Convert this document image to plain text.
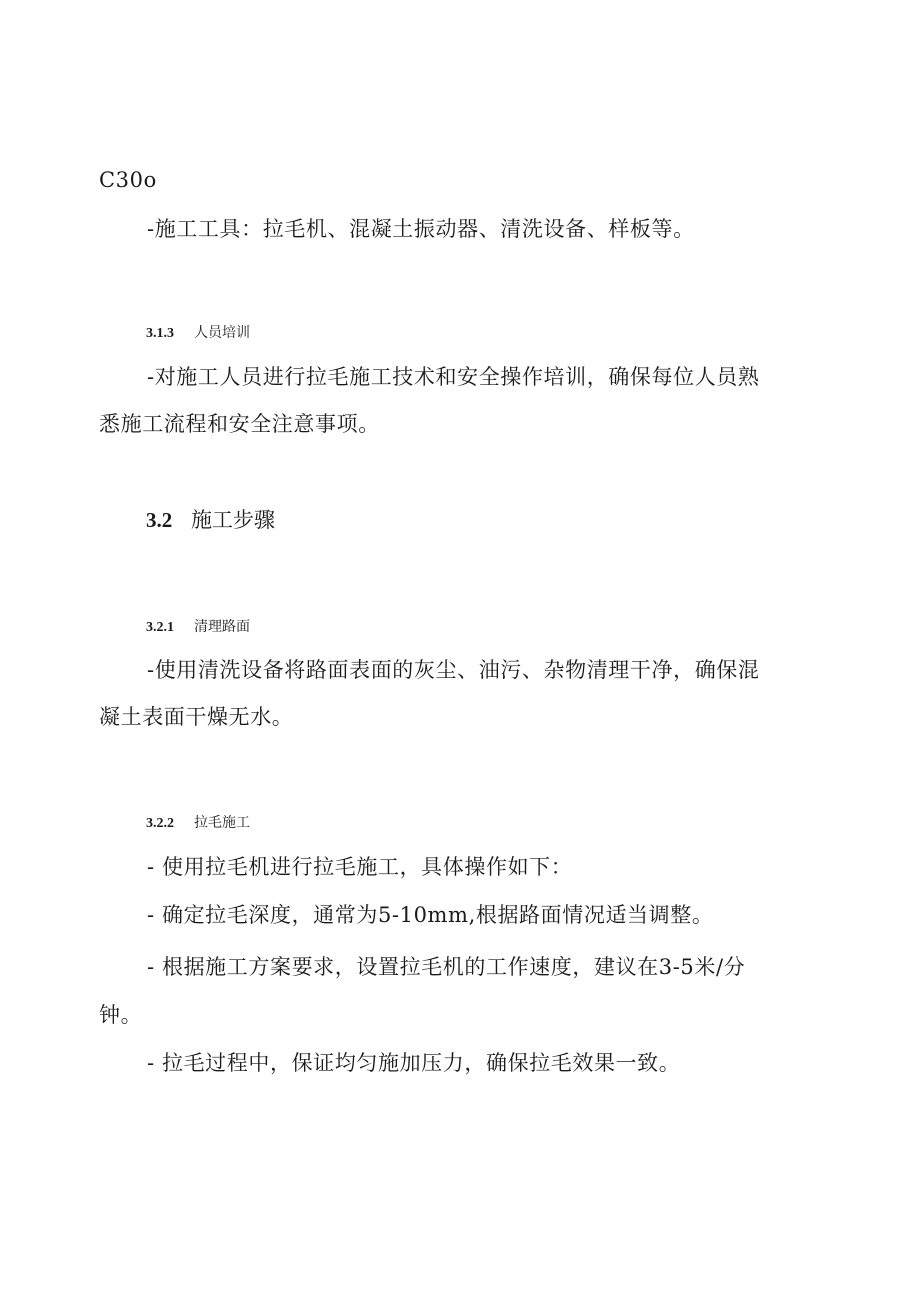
C30o
-施工工具：拉毛机、混凝土振动器、清洗设备、样板等。
3.1.3 人员培训
-对施工人员进行拉毛施工技术和安全操作培训，确保每位人员熟
悉施工流程和安全注意事项。
3.2 施工步骤
3.2.1 清理路面
-使用清洗设备将路面表面的灰尘、油污、杂物清理干净，确保混
凝土表面干燥无水。
3.2.2 拉毛施工
- 使用拉毛机进行拉毛施工，具体操作如下：
- 确定拉毛深度，通常为5-10mm,根据路面情况适当调整。
- 根据施工方案要求，设置拉毛机的工作速度，建议在3-5米/分
钟。
- 拉毛过程中，保证均匀施加压力，确保拉毛效果一致。
